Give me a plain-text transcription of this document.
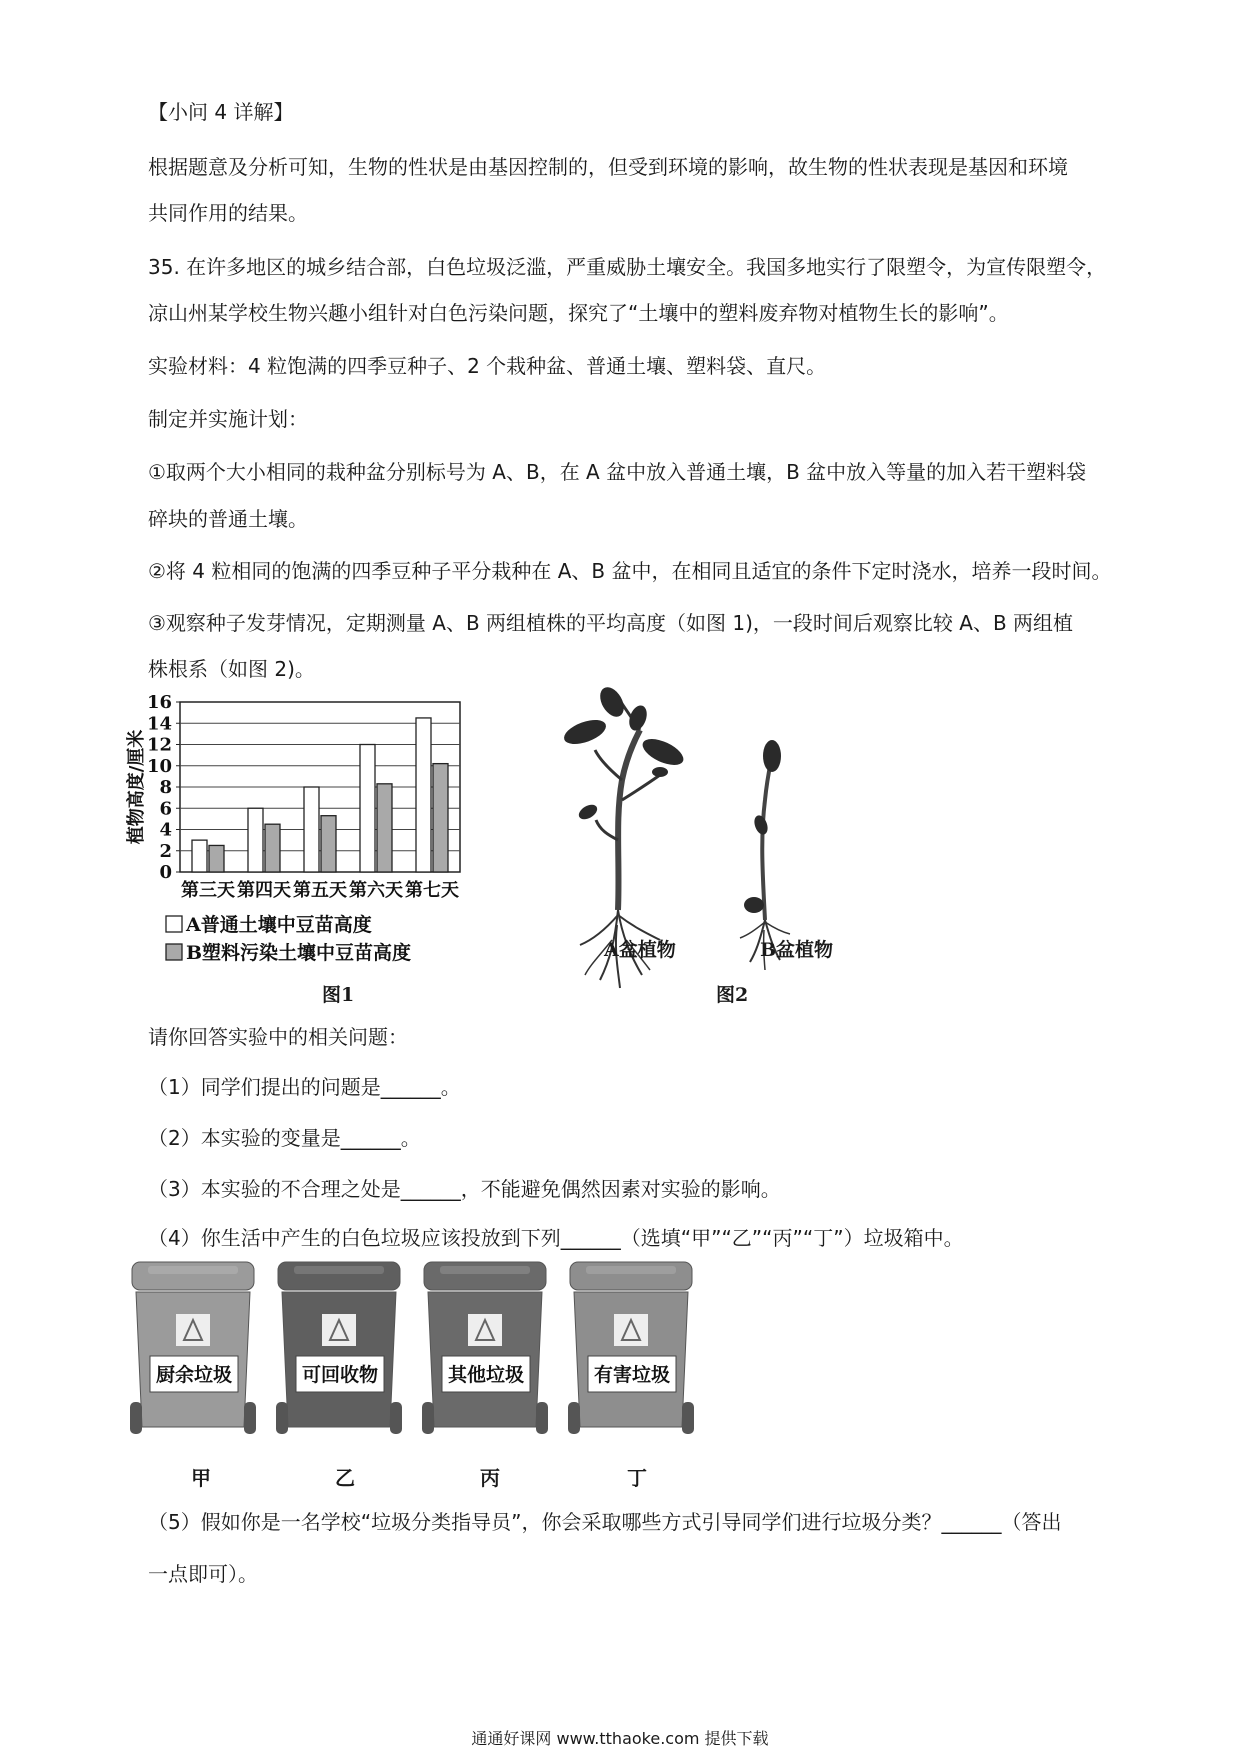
【小问 4 详解】
根据题意及分析可知，生物的性状是由基因控制的，但受到环境的影响，故生物的性状表现是基因和环境
共同作用的结果。
35. 在许多地区的城乡结合部，白色垃圾泛滥，严重威胁土壤安全。我国多地实行了限塑令，为宣传限塑令，
凉山州某学校生物兴趣小组针对白色污染问题，探究了“土壤中的塑料废弃物对植物生长的影响”。
实验材料：4 粒饱满的四季豆种子、2 个栽种盆、普通土壤、塑料袋、直尺。
制定并实施计划：
①取两个大小相同的栽种盆分别标号为 A、B，在 A 盆中放入普通土壤，B 盆中放入等量的加入若干塑料袋
碎块的普通土壤。
②将 4 粒相同的饱满的四季豆种子平分栽种在 A、B 盆中，在相同且适宜的条件下定时浇水，培养一段时间。
③观察种子发芽情况，定期测量 A、B 两组植株的平均高度（如图 1)，一段时间后观察比较 A、B 两组植
株根系（如图 2)。
0
2
4
6
8
10
12
14
16
植物高度/厘米
第三天 第四天 第五天 第六天 第七天
A普通土壤中豆苗高度
B塑料污染土壤中豆苗高度	A盆植物	B盆植物
图1	图2
请你回答实验中的相关问题：
（1）同学们提出的问题是______。
（2）本实验的变量是______。
（3）本实验的不合理之处是______，不能避免偶然因素对实验的影响。
（4）你生活中产生的白色垃圾应该投放到下列______（选填“甲”“乙”“丙”“丁”）垃圾箱中。
厨余垃圾	可回收物	其他垃圾	有害垃圾
甲	乙	丙	丁
（5）假如你是一名学校“垃圾分类指导员”，你会采取哪些方式引导同学们进行垃圾分类？______（答出
一点即可）。
通通好课网 www.tthaoke.com 提供下载
